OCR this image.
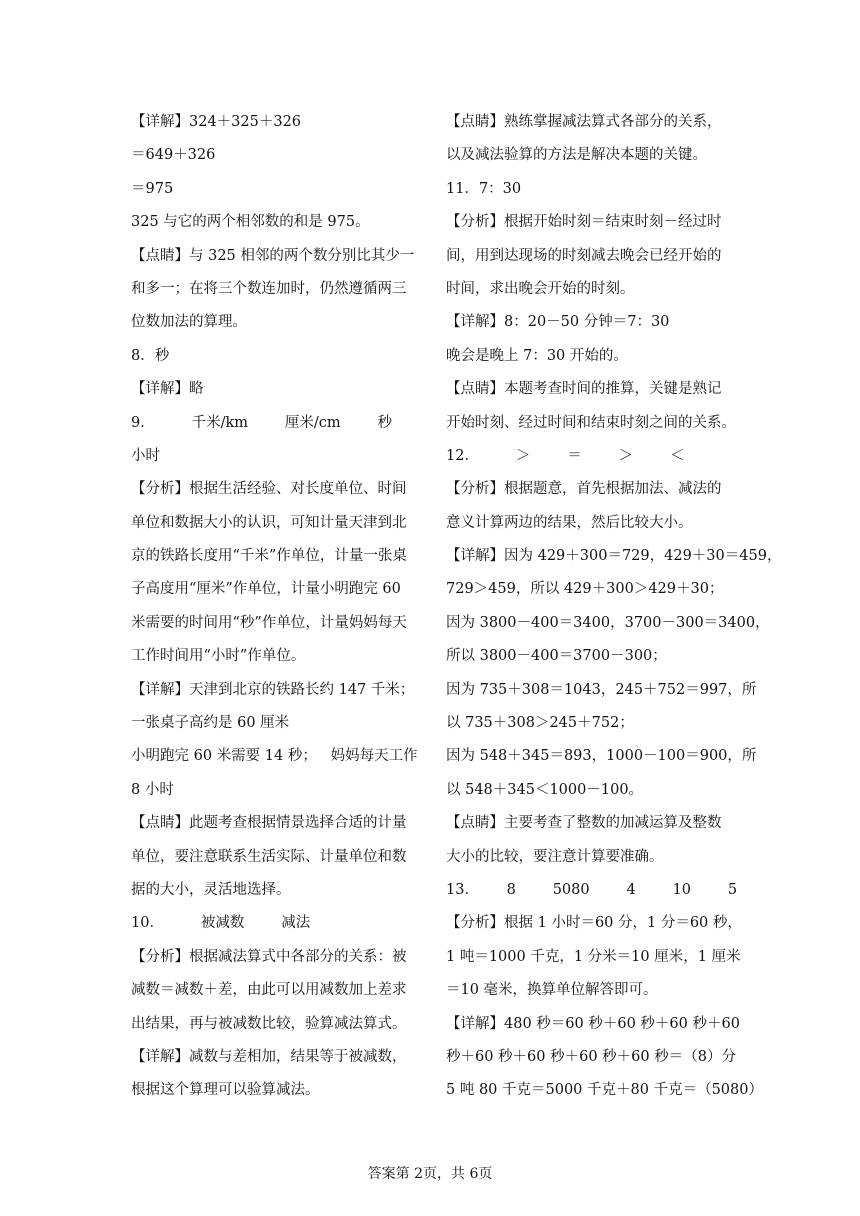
【详解】324＋325＋326
＝649＋326
＝975
325 与它的两个相邻数的和是 975。
【点睛】与 325 相邻的两个数分别比其少一
和多一；在将三个数连加时，仍然遵循两三
位数加法的算理。
8．秒
【详解】略
9．        千米/km        厘米/cm        秒
小时
【分析】根据生活经验、对长度单位、时间
单位和数据大小的认识，可知计量天津到北
京的铁路长度用“千米”作单位，计量一张桌
子高度用“厘米”作单位，计量小明跑完 60
米需要的时间用“秒”作单位，计量妈妈每天
工作时间用“小时”作单位。
【详解】天津到北京的铁路长约 147 千米；
一张桌子高约是 60 厘米
小明跑完 60 米需要 14 秒；   妈妈每天工作
8 小时
【点睛】此题考查根据情景选择合适的计量
单位，要注意联系生活实际、计量单位和数
据的大小，灵活地选择。
10．        被减数        减法
【分析】根据减法算式中各部分的关系：被
减数＝减数＋差，由此可以用减数加上差求
出结果，再与被减数比较，验算减法算式。
【详解】减数与差相加，结果等于被减数，
根据这个算理可以验算减法。
【点睛】熟练掌握减法算式各部分的关系，
以及减法验算的方法是解决本题的关键。
11．7：30
【分析】根据开始时刻＝结束时刻－经过时
间，用到达现场的时刻减去晚会已经开始的
时间，求出晚会开始的时刻。
【详解】8：20－50 分钟＝7：30
晚会是晚上 7：30 开始的。
【点睛】本题考查时间的推算，关键是熟记
开始时刻、经过时间和结束时刻之间的关系。
12．        ＞        ＝        ＞        ＜
【分析】根据题意，首先根据加法、减法的
意义计算两边的结果，然后比较大小。
【详解】因为 429＋300＝729，429＋30＝459，
729＞459，所以 429＋300＞429＋30；
因为 3800－400＝3400，3700－300＝3400，
所以 3800－400＝3700－300；
因为 735＋308＝1043，245＋752＝997，所
以 735＋308＞245＋752；
因为 548＋345＝893，1000－100＝900，所
以 548＋345＜1000－100。
【点睛】主要考查了整数的加减运算及整数
大小的比较，要注意计算要准确。
13．      8        5080        4        10        5
【分析】根据 1 小时＝60 分，1 分＝60 秒，
1 吨＝1000 千克，1 分米＝10 厘米，1 厘米
＝10 毫米，换算单位解答即可。
【详解】480 秒＝60 秒＋60 秒＋60 秒＋60
秒＋60 秒＋60 秒＋60 秒＋60 秒＝（8）分
5 吨 80 千克＝5000 千克＋80 千克＝（5080）
答案第 2页，共 6页
